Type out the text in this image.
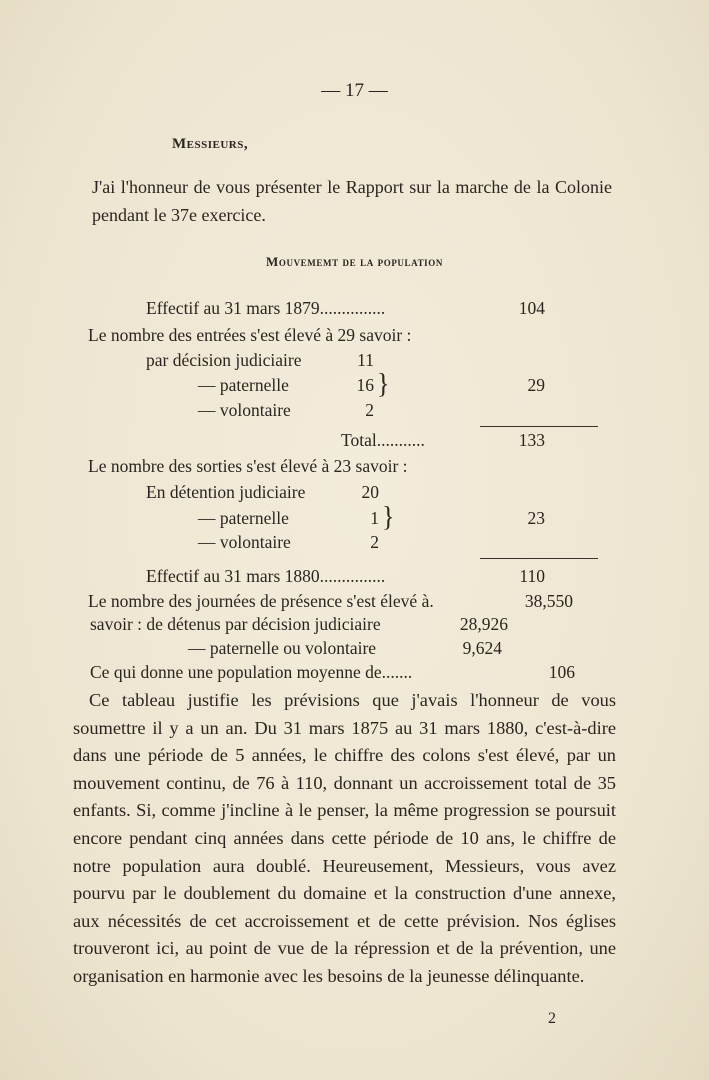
— 17 —
Messieurs,
J'ai l'honneur de vous présenter le Rapport sur la marche de la Colonie pendant le 37e exercice.
Mouvememt de la population
Effectif au 31 mars 1879...............	104
Le nombre des entrées s'est élevé à 29 savoir :
par décision judiciaire	11
— paternelle	16
— volontaire	2
}	29
Total...........	133
Le nombre des sorties s'est élevé à 23 savoir :
En détention judiciaire	20
— paternelle	1
— volontaire	2
}	23
Effectif au 31 mars 1880...............	110
Le nombre des journées de présence s'est élevé à.	38,550
savoir : de détenus par décision judiciaire	28,926
— paternelle ou volontaire	9,624
Ce qui donne une population moyenne de.......	106
Ce tableau justifie les prévisions que j'avais l'honneur de vous soumettre il y a un an. Du 31 mars 1875 au 31 mars 1880, c'est-à-dire dans une période de 5 années, le chiffre des colons s'est élevé, par un mouvement continu, de 76 à 110, donnant un accroissement total de 35 enfants. Si, comme j'incline à le penser, la même progression se poursuit encore pendant cinq années dans cette période de 10 ans, le chiffre de notre population aura doublé. Heureusement, Messieurs, vous avez pourvu par le doublement du domaine et la construction d'une annexe, aux nécessités de cet accroissement et de cette prévision. Nos églises trouveront ici, au point de vue de la répression et de la prévention, une organisation en harmonie avec les besoins de la jeunesse délinquante.
2
